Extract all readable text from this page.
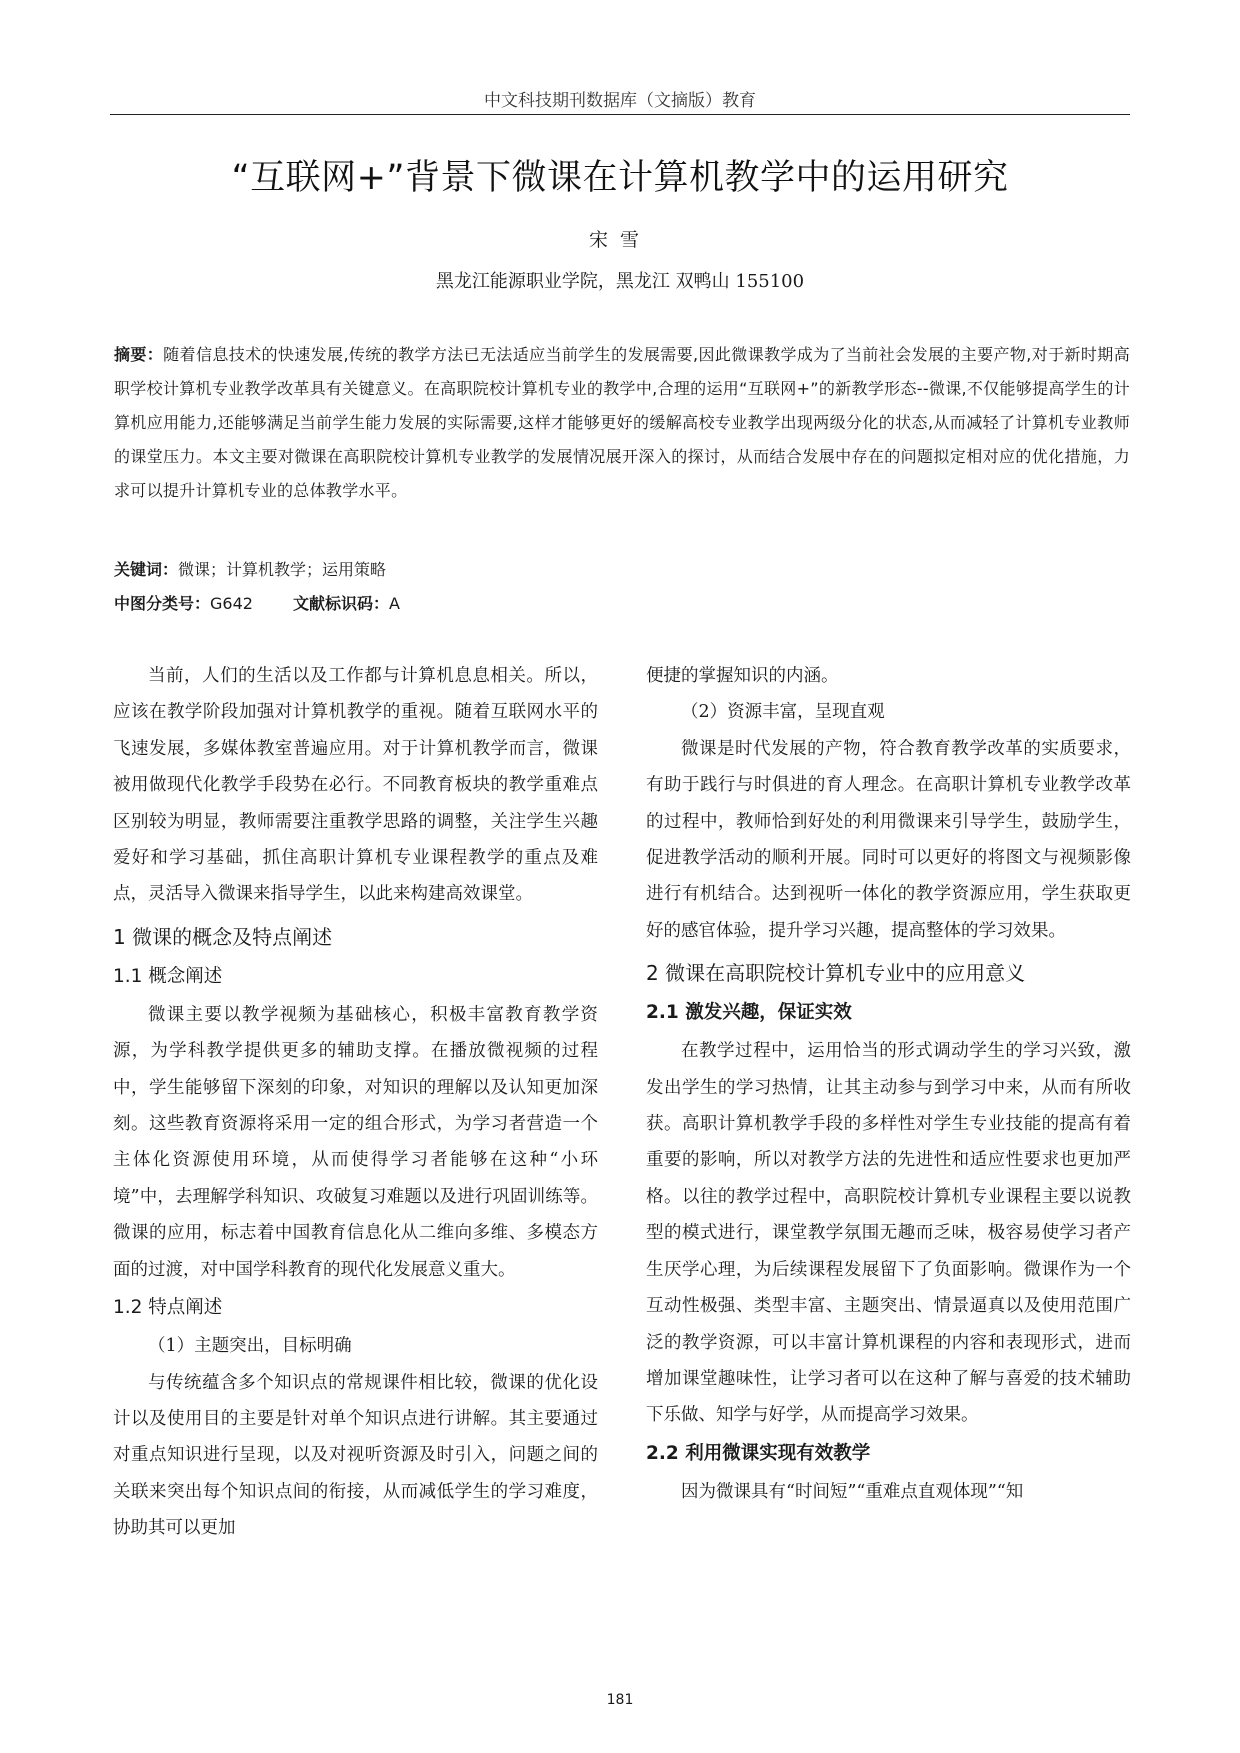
中文科技期刊数据库（文摘版）教育
“互联网+”背景下微课在计算机教学中的运用研究
宋雪
黑龙江能源职业学院，黑龙江 双鸭山 155100
摘要：随着信息技术的快速发展,传统的教学方法已无法适应当前学生的发展需要,因此微课教学成为了当前社会发展的主要产物,对于新时期高职学校计算机专业教学改革具有关键意义。在高职院校计算机专业的教学中,合理的运用“互联网+”的新教学形态--微课,不仅能够提高学生的计算机应用能力,还能够满足当前学生能力发展的实际需要,这样才能够更好的缓解高校专业教学出现两级分化的状态,从而减轻了计算机专业教师的课堂压力。本文主要对微课在高职院校计算机专业教学的发展情况展开深入的探讨，从而结合发展中存在的问题拟定相对应的优化措施，力求可以提升计算机专业的总体教学水平。
关键词：微课；计算机教学；运用策略
中图分类号：G642	文献标识码：A

当前，人们的生活以及工作都与计算机息息相关。所以，应该在教学阶段加强对计算机教学的重视。随着互联网水平的飞速发展，多媒体教室普遍应用。对于计算机教学而言，微课被用做现代化教学手段势在必行。不同教育板块的教学重难点区别较为明显，教师需要注重教学思路的调整，关注学生兴趣爱好和学习基础，抓住高职计算机专业课程教学的重点及难点，灵活导入微课来指导学生，以此来构建高效课堂。

1 微课的概念及特点阐述
1.1 概念阐述

微课主要以教学视频为基础核心，积极丰富教育教学资源，为学科教学提供更多的辅助支撑。在播放微视频的过程中，学生能够留下深刻的印象，对知识的理解以及认知更加深刻。这些教育资源将采用一定的组合形式，为学习者营造一个主体化资源使用环境，从而使得学习者能够在这种“小环境”中，去理解学科知识、攻破复习难题以及进行巩固训练等。微课的应用，标志着中国教育信息化从二维向多维、多模态方面的过渡，对中国学科教育的现代化发展意义重大。

1.2 特点阐述

（1）主题突出，目标明确

与传统蕴含多个知识点的常规课件相比较，微课的优化设计以及使用目的主要是针对单个知识点进行讲解。其主要通过对重点知识进行呈现，以及对视听资源及时引入，问题之间的关联来突出每个知识点间的衔接，从而减低学生的学习难度，协助其可以更加

便捷的掌握知识的内涵。

（2）资源丰富，呈现直观

微课是时代发展的产物，符合教育教学改革的实质要求，有助于践行与时俱进的育人理念。在高职计算机专业教学改革的过程中，教师恰到好处的利用微课来引导学生，鼓励学生，促进教学活动的顺利开展。同时可以更好的将图文与视频影像进行有机结合。达到视听一体化的教学资源应用，学生获取更好的感官体验，提升学习兴趣，提高整体的学习效果。

2 微课在高职院校计算机专业中的应用意义
2.1 激发兴趣，保证实效

在教学过程中，运用恰当的形式调动学生的学习兴致，激发出学生的学习热情，让其主动参与到学习中来，从而有所收获。高职计算机教学手段的多样性对学生专业技能的提高有着重要的影响，所以对教学方法的先进性和适应性要求也更加严格。以往的教学过程中，高职院校计算机专业课程主要以说教型的模式进行，课堂教学氛围无趣而乏味，极容易使学习者产生厌学心理，为后续课程发展留下了负面影响。微课作为一个互动性极强、类型丰富、主题突出、情景逼真以及使用范围广泛的教学资源，可以丰富计算机课程的内容和表现形式，进而增加课堂趣味性，让学习者可以在这种了解与喜爱的技术辅助下乐做、知学与好学，从而提高学习效果。

2.2 利用微课实现有效教学

因为微课具有“时间短”“重难点直观体现”“知

181
